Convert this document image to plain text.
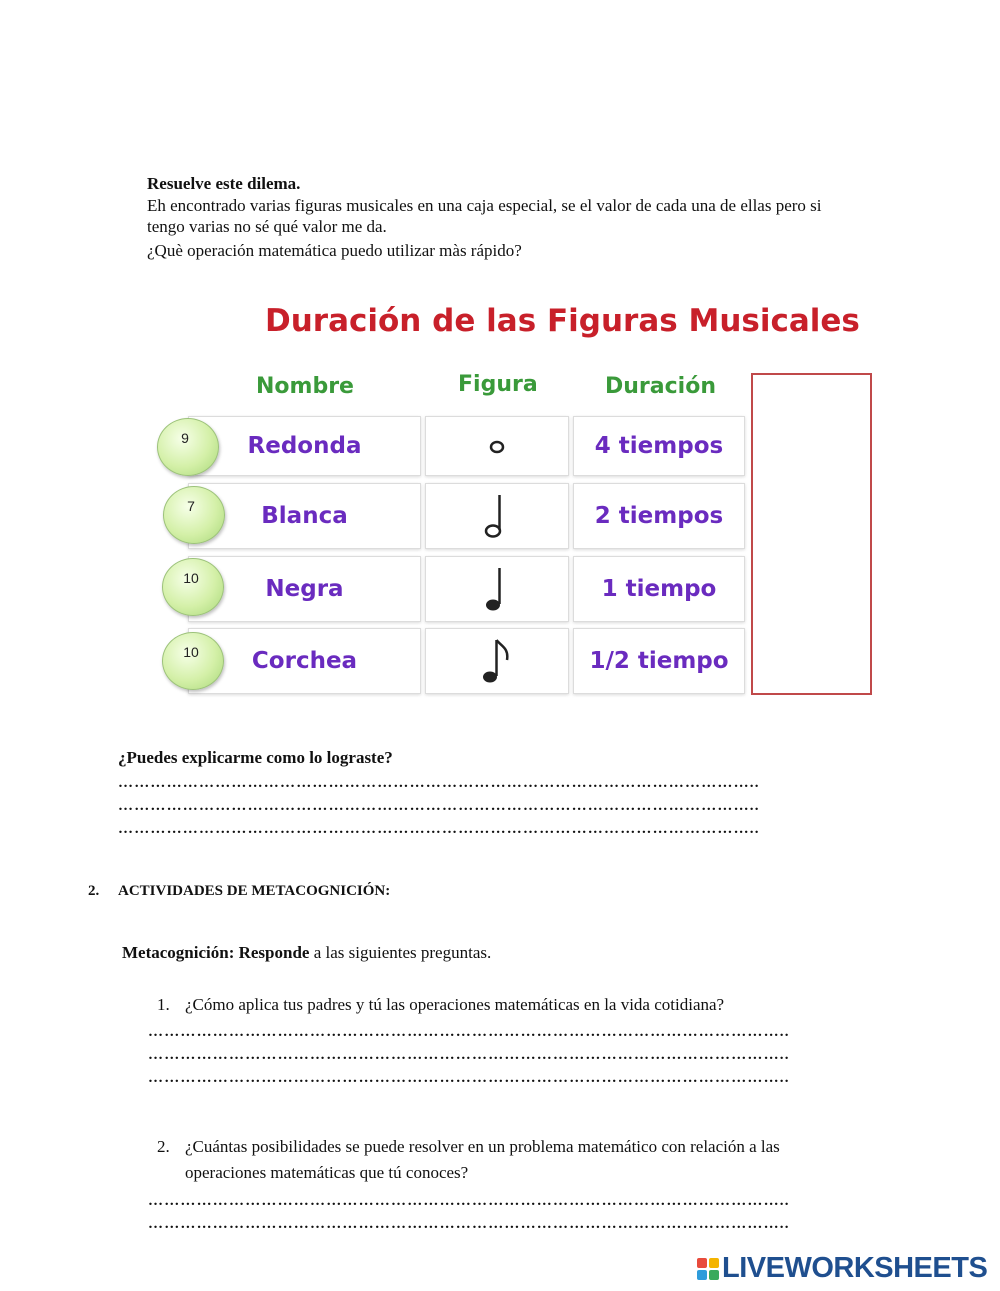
Resuelve este dilema.
Eh encontrado varias figuras musicales en una caja especial, se el valor de cada una de ellas pero si
tengo varias no sé qué valor me da.
¿Què operación matemática puedo utilizar màs rápido?
Duración de las Figuras Musicales
Nombre	Figura	Duración
Redonda	4 tiempos
9
Blanca	2 tiempos
7
Negra	1 tiempo
10
Corchea	1/2 tiempo
10
¿Puedes explicarme como lo lograste?
………………………………………………………………………………………………………..
………………………………………………………………………………………………………..
………………………………………………………………………………………………………..
2. ACTIVIDADES DE METACOGNICIÓN:
Metacognición: Responde a las siguientes preguntas.
1. ¿Cómo aplica tus padres y tú las operaciones matemáticas en la vida cotidiana?
………………………………………………………………………………………………………..
………………………………………………………………………………………………………..
………………………………………………………………………………………………………..
2. ¿Cuántas posibilidades se puede resolver en un problema matemático con relación a las
operaciones matemáticas que tú conoces?
………………………………………………………………………………………………………..
………………………………………………………………………………………………………..
LIVEWORKSHEETS
